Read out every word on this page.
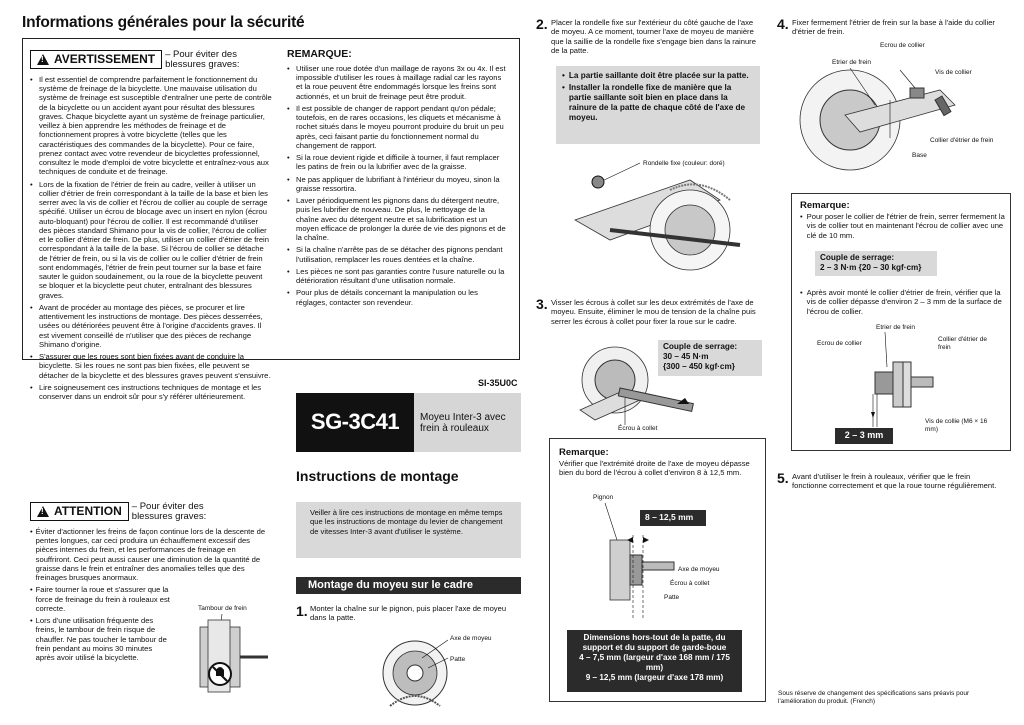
Informations générales pour la sécurité
!
AVERTISSEMENT – Pour éviter des blessures graves:
• Il est essentiel de comprendre parfaitement le fonctionnement du système de freinage de la bicyclette. Une mauvaise utilisation du système de freinage est susceptible d'entraîner une perte de contrôle de la bicyclette ou un accident ayant pour résultat des blessures graves. Chaque bicyclette ayant un système de freinage particulier, veillez à bien apprendre les méthodes de freinage et de fonctionnement propres à votre bicyclette (telles que les caractéristiques des commandes de la bicyclette). Pour ce faire, prenez contact avec votre revendeur de bicyclettes professionnel, consultez le mode d'emploi de votre bicyclette et entraînez-vous aux techniques de conduite et de freinage.
• Lors de la fixation de l'étrier de frein au cadre, veiller à utiliser un collier d'étrier de frein correspondant à la taille de la base et bien les serrer avec la vis de collier et l'écrou de collier au couple de serrage spécifié. Utiliser un écrou de blocage avec un insert en nylon (écrou auto-bloquant) pour l'écrou de collier. Il est recommandé d'utiliser des pièces standard Shimano pour la vis de collier, l'écrou de collier et le collier d'étrier de frein. De plus, utiliser un collier d'étrier de frein correspondant à la taille de la base. Si l'écrou de collier se détache de l'étrier de frein, ou si la vis de collier ou le collier d'étrier de frein sont endommagés, l'étrier de frein peut tourner sur la base et faire sauter le guidon soudainement, ou la roue de la bicyclette peuvent se bloquer et la bicyclette peut chuter, entraînant des blessures graves.
• Avant de procéder au montage des pièces, se procurer et lire attentivement les instructions de montage. Des pièces desserrées, usées ou détériorées peuvent être à l'origine d'accidents graves. Il est vivement conseillé de n'utiliser que des pièces de rechange Shimano d'origine.
• S'assurer que les roues sont bien fixées avant de conduire la bicyclette. Si les roues ne sont pas bien fixées, elle peuvent se détacher de la bicyclette et des blessures graves peuvent s'ensuivre.
• Lire soigneusement ces instructions techniques de montage et les conserver dans un endroit sûr pour s'y référer ultérieurement.
REMARQUE:
• Utiliser une roue dotée d'un maillage de rayons 3x ou 4x. Il est impossible d'utiliser les roues à maillage radial car les rayons et la roue peuvent être endommagés lorsque les freins sont actionnés, et un bruit de freinage peut être produit.
• Il est possible de changer de rapport pendant qu'on pédale; toutefois, en de rares occasions, les cliquets et mécanisme à rochet situés dans le moyeu pourront produire du bruit un peu après, ceci faisant partie du fonctionnement normal du changement de rapport.
• Si la roue devient rigide et difficile à tourner, il faut remplacer les patins de frein ou la lubrifier avec de la graisse.
• Ne pas appliquer de lubrifiant à l'intérieur du moyeu, sinon la graisse ressortira.
• Laver périodiquement les pignons dans du détergent neutre, puis les lubrifier de nouveau. De plus, le nettoyage de la chaîne avec du détergent neutre et sa lubrification est un moyen efficace de prolonger la durée de vie des pignons et de la chaîne.
• Si la chaîne n'arrête pas de se détacher des pignons pendant l'utilisation, remplacer les roues dentées et la chaîne.
• Les pièces ne sont pas garanties contre l'usure naturelle ou la détérioration résultant d'une utilisation normale.
• Pour plus de détails concernant la manipulation ou les réglages, contacter son revendeur.
!
ATTENTION – Pour éviter des blessures graves:
• Éviter d'actionner les freins de façon continue lors de la descente de pentes longues, car ceci produira un échauffement excessif des pièces internes du frein, et les performances de freinage en souffriront. Ceci peut aussi causer une diminution de la quantité de graisse dans le frein et entraîner des anomalies telles que des freinages brusques anormaux.
• Faire tourner la roue et s'assurer que la force de freinage du frein à rouleaux est correcte.
• Lors d'une utilisation fréquente des freins, le tambour de frein risque de chauffer. Ne pas toucher le tambour de frein pendant au moins 30 minutes après avoir utilisé la bicyclette.
Tambour de frein
SI-35U0C
SG-3C41	Moyeu Inter-3 avec frein à rouleaux
Instructions de montage
Veiller à lire ces instructions de montage en même temps que les instructions de montage du levier de changement de vitesses Inter-3 avant d'utiliser le système.
Montage du moyeu sur le cadre
1. Monter la chaîne sur le pignon, puis placer l'axe de moyeu dans la patte.
Axe de moyeu
Patte
2. Placer la rondelle fixe sur l'extérieur du côté gauche de l'axe de moyeu. A ce moment, tourner l'axe de moyeu de manière que la saillie de la rondelle fixe s'engage bien dans la rainure de la patte.
• La partie saillante doit être placée sur la patte.
• Installer la rondelle fixe de manière que la partie saillante soit bien en place dans la rainure de la patte de chaque côté de l'axe de moyeu.
Rondelle fixe (couleur: doré)
3. Visser les écrous à collet sur les deux extrémités de l'axe de moyeu. Ensuite, éliminer le mou de tension de la chaîne puis serrer les écrous à collet pour fixer la roue sur le cadre.
Couple de serrage:
30 – 45 N·m
{300 – 450 kgf·cm}
Écrou à collet
Remarque:
Vérifier que l'extrémité droite de l'axe de moyeu dépasse bien du bord de l'écrou à collet d'environ 8 à 12,5 mm.
8 – 12,5 mm
Pignon
Axe de moyeu
Écrou à collet
Patte
Dimensions hors-tout de la patte, du support et du support de garde-boue
4 – 7,5 mm (largeur d'axe 168 mm / 175 mm)
9 – 12,5 mm (largeur d'axe 178 mm)
4. Fixer fermement l'étrier de frein sur la base à l'aide du collier d'étrier de frein.
Ecrou de collier
Etrier de frein
Vis de collier
Collier d'étrier de frein
Base
Remarque:
• Pour poser le collier de l'étrier de frein, serrer fermement la vis de collier tout en maintenant l'écrou de collier avec une clé de 10 mm.
Couple de serrage:
2 – 3 N·m {20 – 30 kgf·cm}
• Après avoir monté le collier d'étrier de frein, vérifier que la vis de collier dépasse d'environ 2 – 3 mm de la surface de l'écrou de collier.
Etrier de frein
Ecrou de collier
Collier d'étrier de frein
Vis de collie (M6 × 16 mm)
2 – 3 mm
5. Avant d'utiliser le frein à rouleaux, vérifier que le frein fonctionne correctement et que la roue tourne régulièrement.
Sous réserve de changement des spécifications sans préavis pour l'amélioration du produit. (French)
